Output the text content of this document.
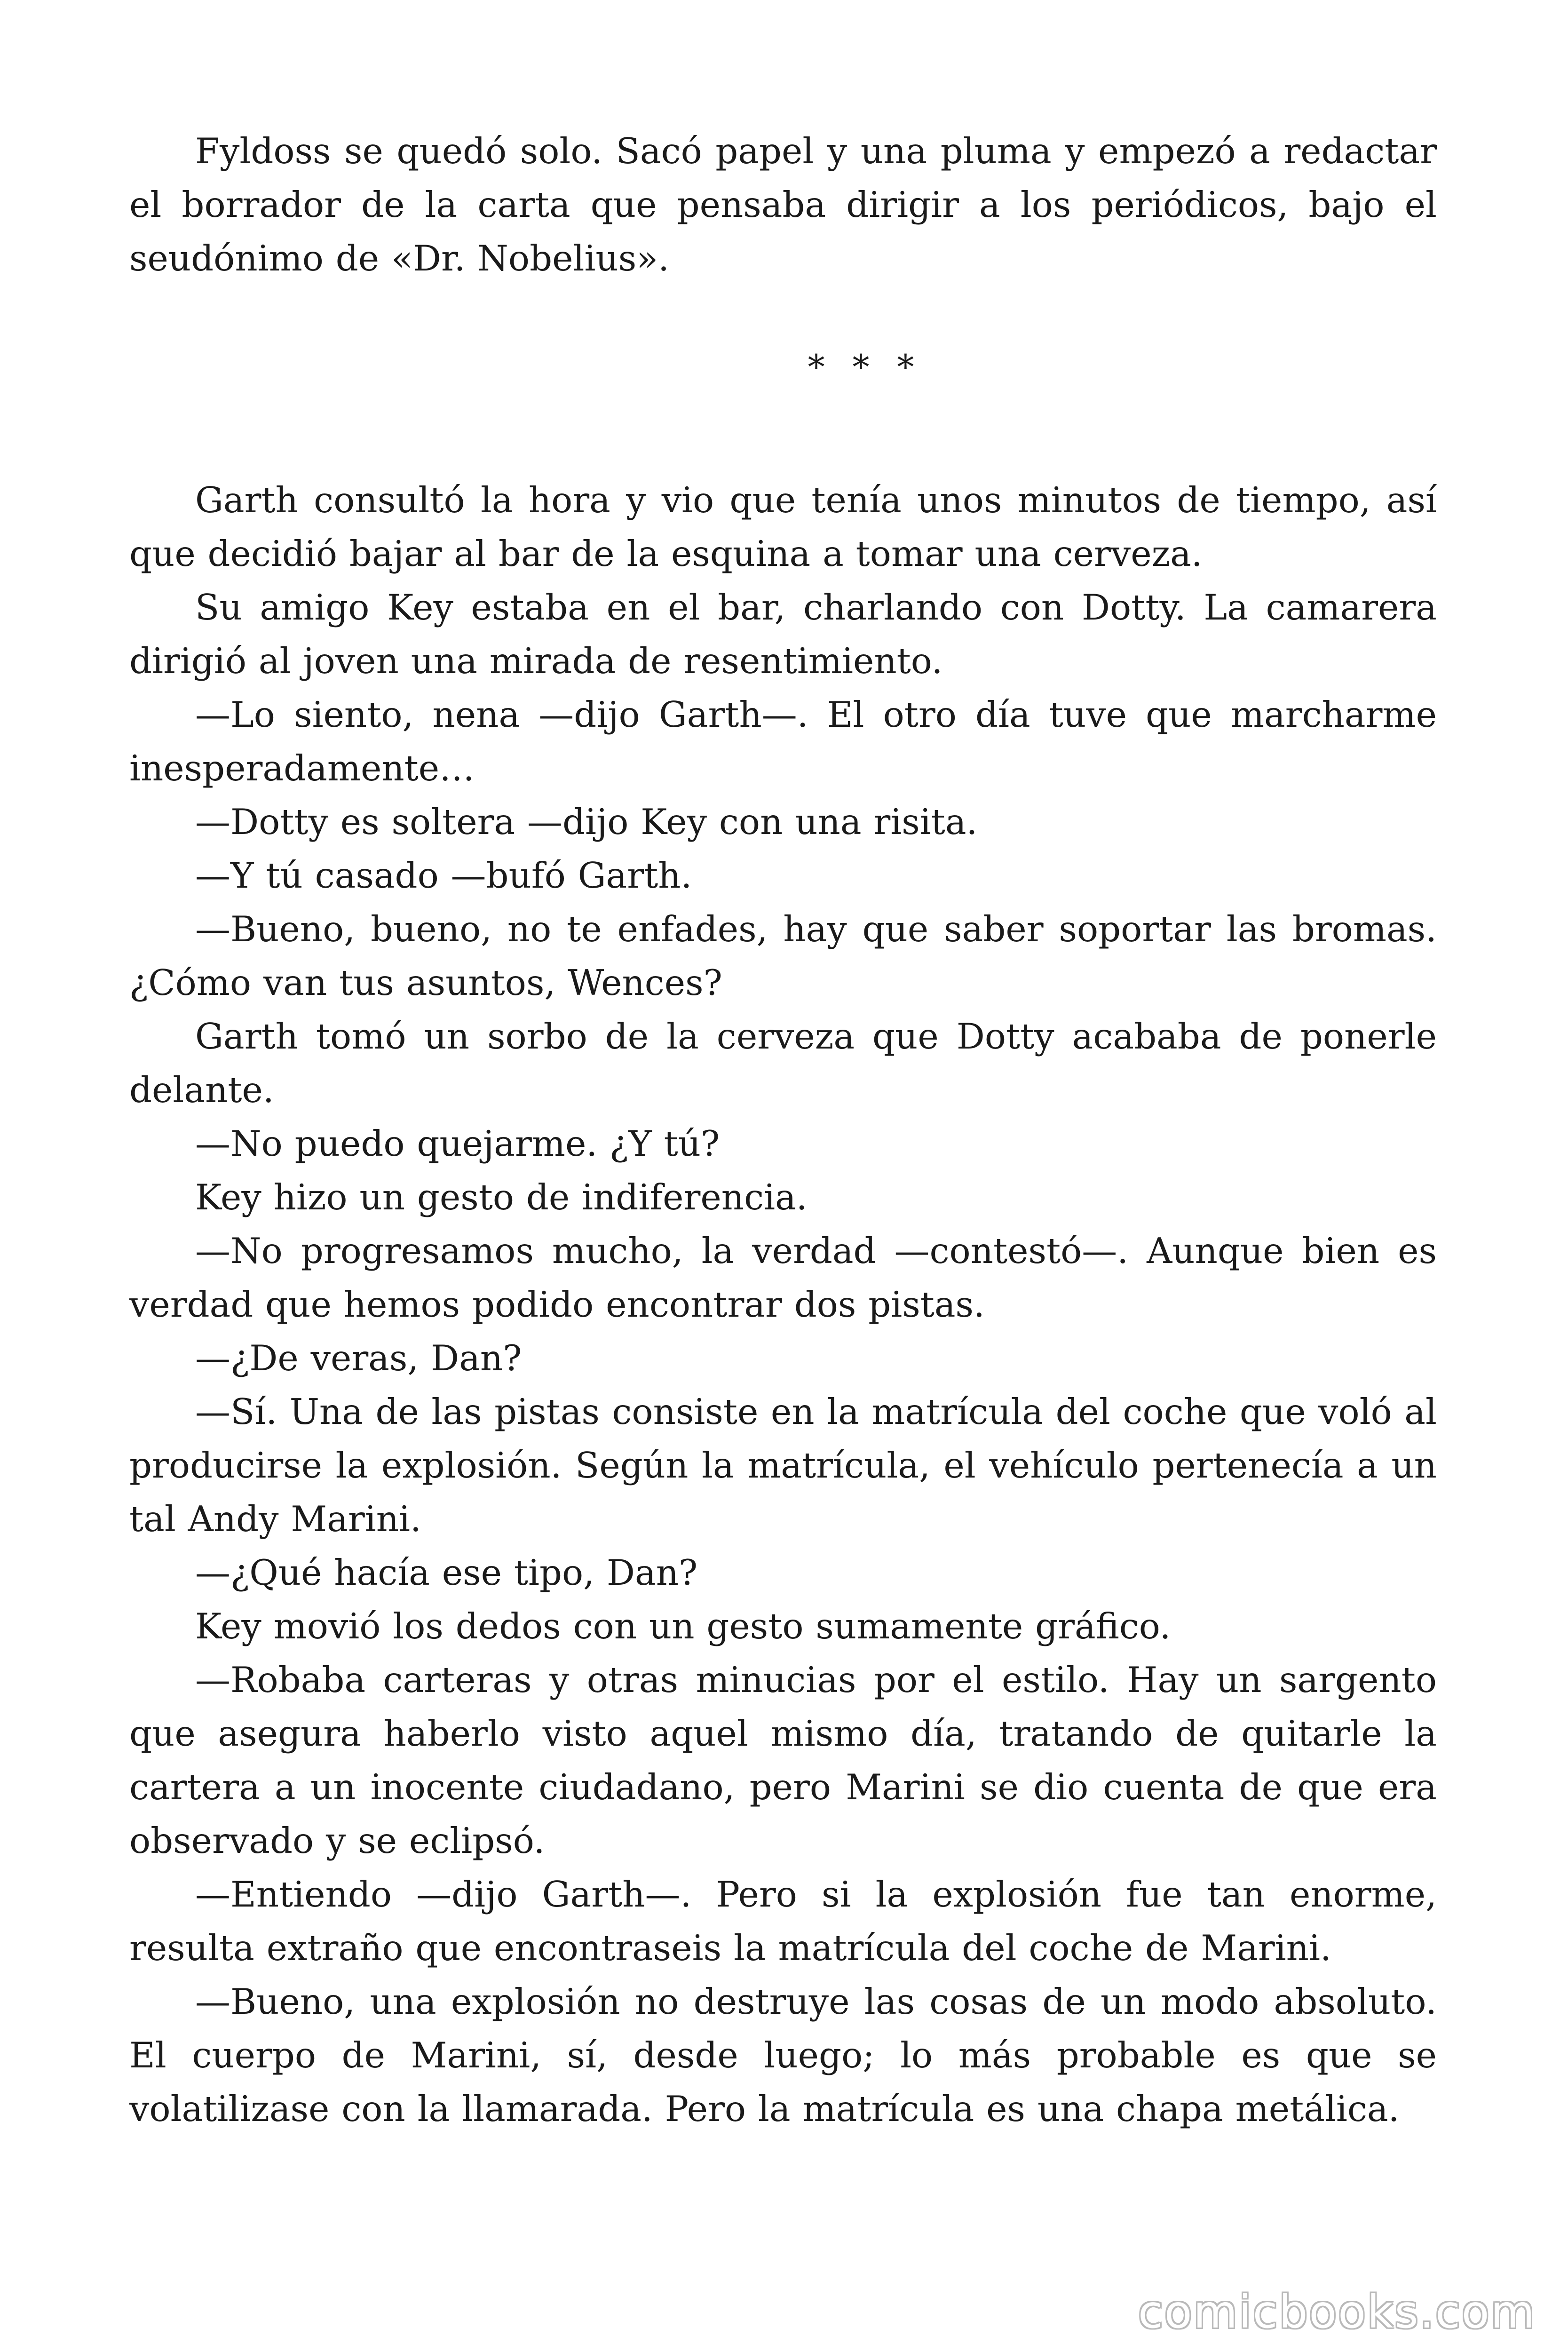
Fyldoss se quedó solo. Sacó papel y una pluma y empezó a redactar el borrador de la carta que pensaba dirigir a los periódicos, bajo el seudónimo de «Dr. Nobelius».

* * *

Garth consultó la hora y vio que tenía unos minutos de tiempo, así que decidió bajar al bar de la esquina a tomar una cerveza.

Su amigo Key estaba en el bar, charlando con Dotty. La camarera dirigió al joven una mirada de resentimiento.

—Lo siento, nena —dijo Garth—. El otro día tuve que marcharme inesperadamente…

—Dotty es soltera —dijo Key con una risita.

—Y tú casado —bufó Garth.

—Bueno, bueno, no te enfades, hay que saber soportar las bromas. ¿Cómo van tus asuntos, Wences?

Garth tomó un sorbo de la cerveza que Dotty acababa de ponerle delante.

—No puedo quejarme. ¿Y tú?

Key hizo un gesto de indiferencia.

—No progresamos mucho, la verdad —contestó—. Aunque bien es verdad que hemos podido encontrar dos pistas.

—¿De veras, Dan?

—Sí. Una de las pistas consiste en la matrícula del coche que voló al producirse la explosión. Según la matrícula, el vehículo pertenecía a un tal Andy Marini.

—¿Qué hacía ese tipo, Dan?

Key movió los dedos con un gesto sumamente gráfico.

—Robaba carteras y otras minucias por el estilo. Hay un sargento que asegura haberlo visto aquel mismo día, tratando de quitarle la cartera a un inocente ciudadano, pero Marini se dio cuenta de que era observado y se eclipsó.

—Entiendo —dijo Garth—. Pero si la explosión fue tan enorme, resulta extraño que encontraseis la matrícula del coche de Marini.

—Bueno, una explosión no destruye las cosas de un modo absoluto. El cuerpo de Marini, sí, desde luego; lo más probable es que se volatilizase con la llamarada. Pero la matrícula es una chapa metálica.

comicbooks.com
